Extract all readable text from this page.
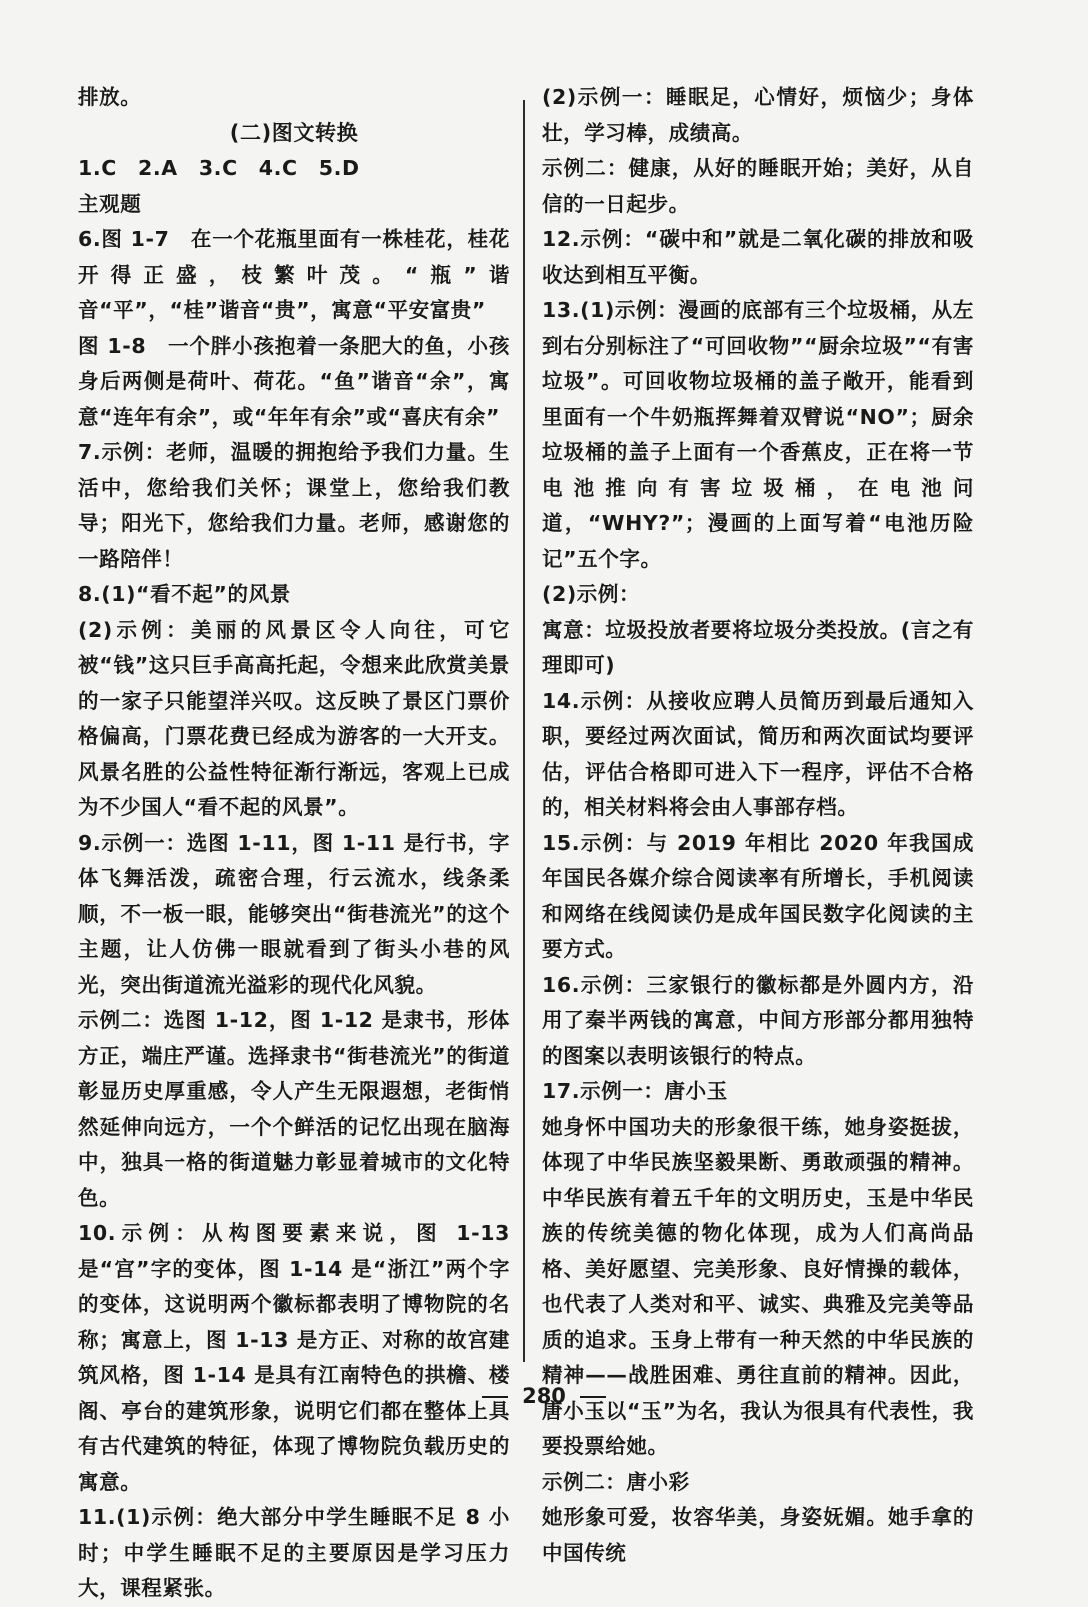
排放。

(二)图文转换

1.C　2.A　3.C　4.C　5.D

主观题

6.图 1-7　在一个花瓶里面有一株桂花，桂花开得正盛，枝繁叶茂。“瓶”谐音“平”，“桂”谐音“贵”，寓意“平安富贵”

图 1-8　一个胖小孩抱着一条肥大的鱼，小孩身后两侧是荷叶、荷花。“鱼”谐音“余”，寓意“连年有余”，或“年年有余”或“喜庆有余”

7.示例：老师，温暖的拥抱给予我们力量。生活中，您给我们关怀；课堂上，您给我们教导；阳光下，您给我们力量。老师，感谢您的一路陪伴！

8.(1)“看不起”的风景

(2)示例：美丽的风景区令人向往，可它被“钱”这只巨手高高托起，令想来此欣赏美景的一家子只能望洋兴叹。这反映了景区门票价格偏高，门票花费已经成为游客的一大开支。风景名胜的公益性特征渐行渐远，客观上已成为不少国人“看不起的风景”。

9.示例一：选图 1-11，图 1-11 是行书，字体飞舞活泼，疏密合理，行云流水，线条柔顺，不一板一眼，能够突出“街巷流光”的这个主题，让人仿佛一眼就看到了街头小巷的风光，突出街道流光溢彩的现代化风貌。

示例二：选图 1-12，图 1-12 是隶书，形体方正，端庄严谨。选择隶书“街巷流光”的街道彰显历史厚重感，令人产生无限遐想，老街悄然延伸向远方，一个个鲜活的记忆出现在脑海中，独具一格的街道魅力彰显着城市的文化特色。

10.示例：从构图要素来说，图 1-13 是“宫”字的变体，图 1-14 是“浙江”两个字的变体，这说明两个徽标都表明了博物院的名称；寓意上，图 1-13 是方正、对称的故宫建筑风格，图 1-14 是具有江南特色的拱檐、楼阁、亭台的建筑形象，说明它们都在整体上具有古代建筑的特征，体现了博物院负载历史的寓意。

11.(1)示例：绝大部分中学生睡眠不足 8 小时；中学生睡眠不足的主要原因是学习压力大，课程紧张。

(2)示例一：睡眠足，心情好，烦恼少；身体壮，学习棒，成绩高。

示例二：健康，从好的睡眠开始；美好，从自信的一日起步。

12.示例：“碳中和”就是二氧化碳的排放和吸收达到相互平衡。

13.(1)示例：漫画的底部有三个垃圾桶，从左到右分别标注了“可回收物”“厨余垃圾”“有害垃圾”。可回收物垃圾桶的盖子敞开，能看到里面有一个牛奶瓶挥舞着双臂说“NO”；厨余垃圾桶的盖子上面有一个香蕉皮，正在将一节电池推向有害垃圾桶，在电池问道，“WHY?”；漫画的上面写着“电池历险记”五个字。

(2)示例：

寓意：垃圾投放者要将垃圾分类投放。(言之有理即可)

14.示例：从接收应聘人员简历到最后通知入职，要经过两次面试，简历和两次面试均要评估，评估合格即可进入下一程序，评估不合格的，相关材料将会由人事部存档。

15.示例：与 2019 年相比 2020 年我国成年国民各媒介综合阅读率有所增长，手机阅读和网络在线阅读仍是成年国民数字化阅读的主要方式。

16.示例：三家银行的徽标都是外圆内方，沿用了秦半两钱的寓意，中间方形部分都用独特的图案以表明该银行的特点。

17.示例一：唐小玉

她身怀中国功夫的形象很干练，她身姿挺拔，体现了中华民族坚毅果断、勇敢顽强的精神。中华民族有着五千年的文明历史，玉是中华民族的传统美德的物化体现，成为人们高尚品格、美好愿望、完美形象、良好情操的载体，也代表了人类对和平、诚实、典雅及完美等品质的追求。玉身上带有一种天然的中华民族的精神——战胜困难、勇往直前的精神。因此，唐小玉以“玉”为名，我认为很具有代表性，我要投票给她。

示例二：唐小彩

她形象可爱，妆容华美，身姿妩媚。她手拿的中国传统

280
